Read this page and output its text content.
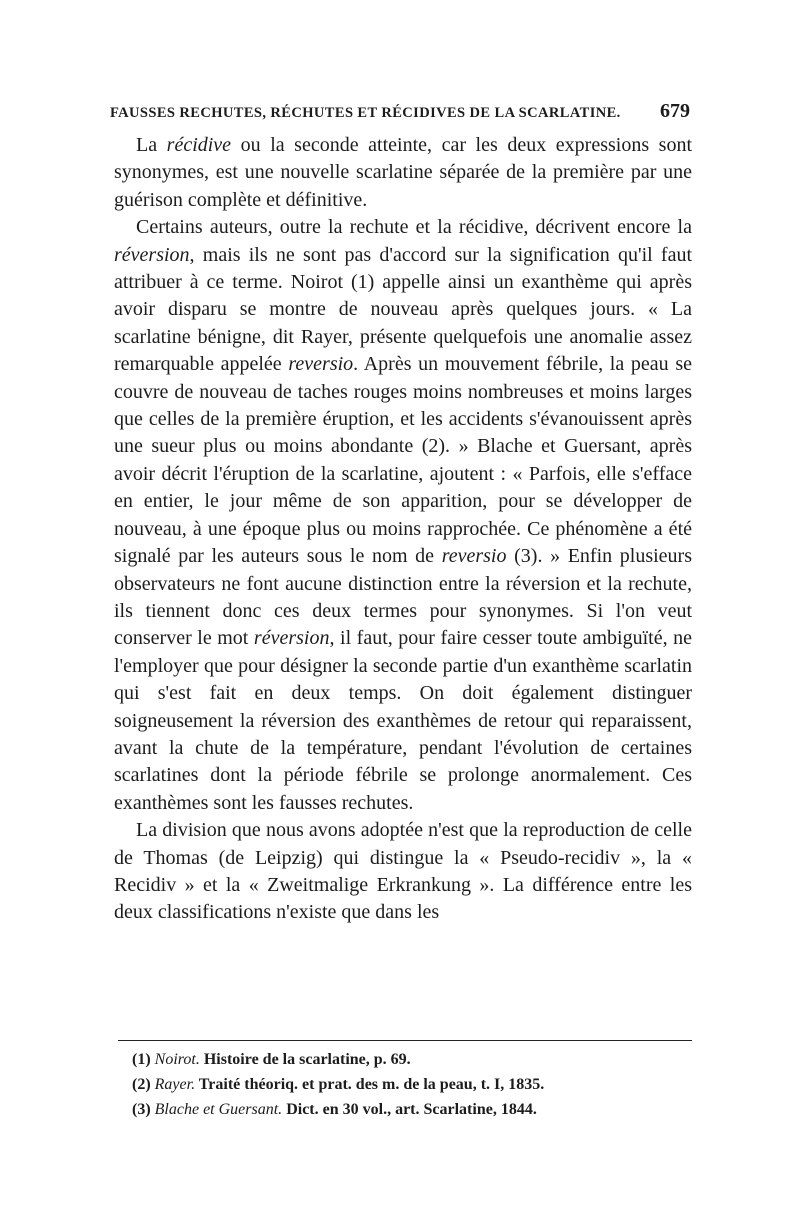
FAUSSES RECHUTES, RÉCHUTES ET RÉCIDIVES DE LA SCARLATINE. 679

La récidive ou la seconde atteinte, car les deux expressions sont synonymes, est une nouvelle scarlatine séparée de la première par une guérison complète et définitive.

Certains auteurs, outre la rechute et la récidive, décrivent encore la réversion, mais ils ne sont pas d'accord sur la signification qu'il faut attribuer à ce terme. Noirot (1) appelle ainsi un exanthème qui après avoir disparu se montre de nouveau après quelques jours. « La scarlatine bénigne, dit Rayer, présente quelquefois une anomalie assez remarquable appelée reversio. Après un mouvement fébrile, la peau se couvre de nouveau de taches rouges moins nombreuses et moins larges que celles de la première éruption, et les accidents s'évanouissent après une sueur plus ou moins abondante (2). » Blache et Guersant, après avoir décrit l'éruption de la scarlatine, ajoutent : « Parfois, elle s'efface en entier, le jour même de son apparition, pour se développer de nouveau, à une époque plus ou moins rapprochée. Ce phénomène a été signalé par les auteurs sous le nom de reversio (3). » Enfin plusieurs observateurs ne font aucune distinction entre la réversion et la rechute, ils tiennent donc ces deux termes pour synonymes. Si l'on veut conserver le mot réversion, il faut, pour faire cesser toute ambiguïté, ne l'employer que pour désigner la seconde partie d'un exanthème scarlatin qui s'est fait en deux temps. On doit également distinguer soigneusement la réversion des exanthèmes de retour qui reparaissent, avant la chute de la température, pendant l'évolution de certaines scarlatines dont la période fébrile se prolonge anormalement. Ces exanthèmes sont les fausses rechutes.

La division que nous avons adoptée n'est que la reproduction de celle de Thomas (de Leipzig) qui distingue la « Pseudo-recidiv », la « Recidiv » et la « Zweitmalige Erkrankung ». La différence entre les deux classifications n'existe que dans les

(1) Noirot. Histoire de la scarlatine, p. 69.
(2) Rayer. Traité théoriq. et prat. des m. de la peau, t. I, 1835.
(3) Blache et Guersant. Dict. en 30 vol., art. Scarlatine, 1844.
